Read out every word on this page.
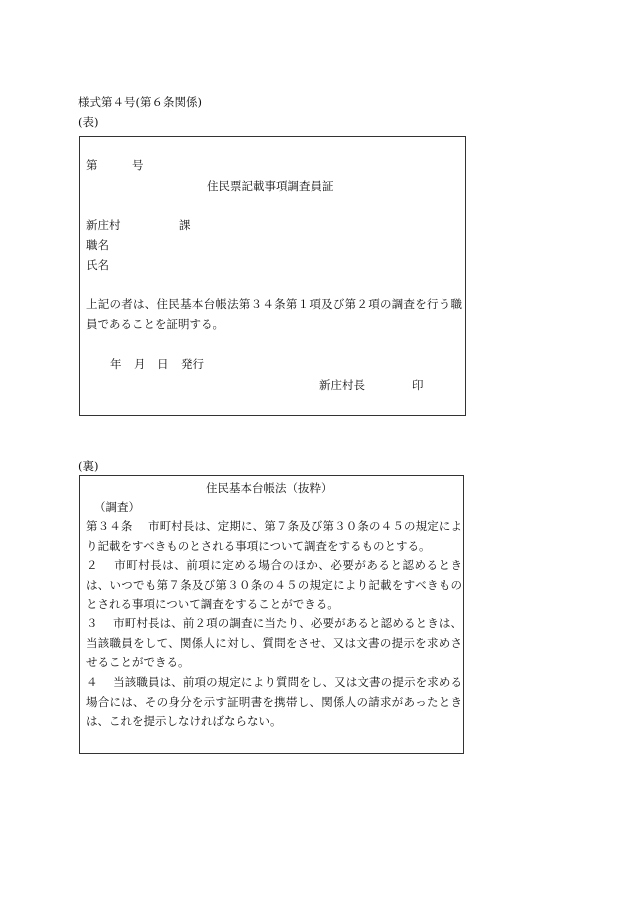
様式第４号(第６条関係)
(表)
第	号
住民票記載事項調査員証
新庄村	課
職名
氏名
上記の者は、住民基本台帳法第３４条第１項及び第２項の調査を行う職員であることを証明する。
年 月 日 発行
新庄村長	印
(裏)
住民基本台帳法（抜粋）
（調査）
第３４条　 市町村長は、定期に、第７条及び第３０条の４５の規定により記載をすべきものとされる事項について調査をするものとする。
２　 市町村長は、前項に定める場合のほか、必要があると認めるときは、いつでも第７条及び第３０条の４５の規定により記載をすべきものとされる事項について調査をすることができる。
３　 市町村長は、前２項の調査に当たり、必要があると認めるときは、当該職員をして、関係人に対し、質問をさせ、又は文書の提示を求めさせることができる。
４　 当該職員は、前項の規定により質問をし、又は文書の提示を求める場合には、その身分を示す証明書を携帯し、関係人の請求があったときは、これを提示しなければならない。
